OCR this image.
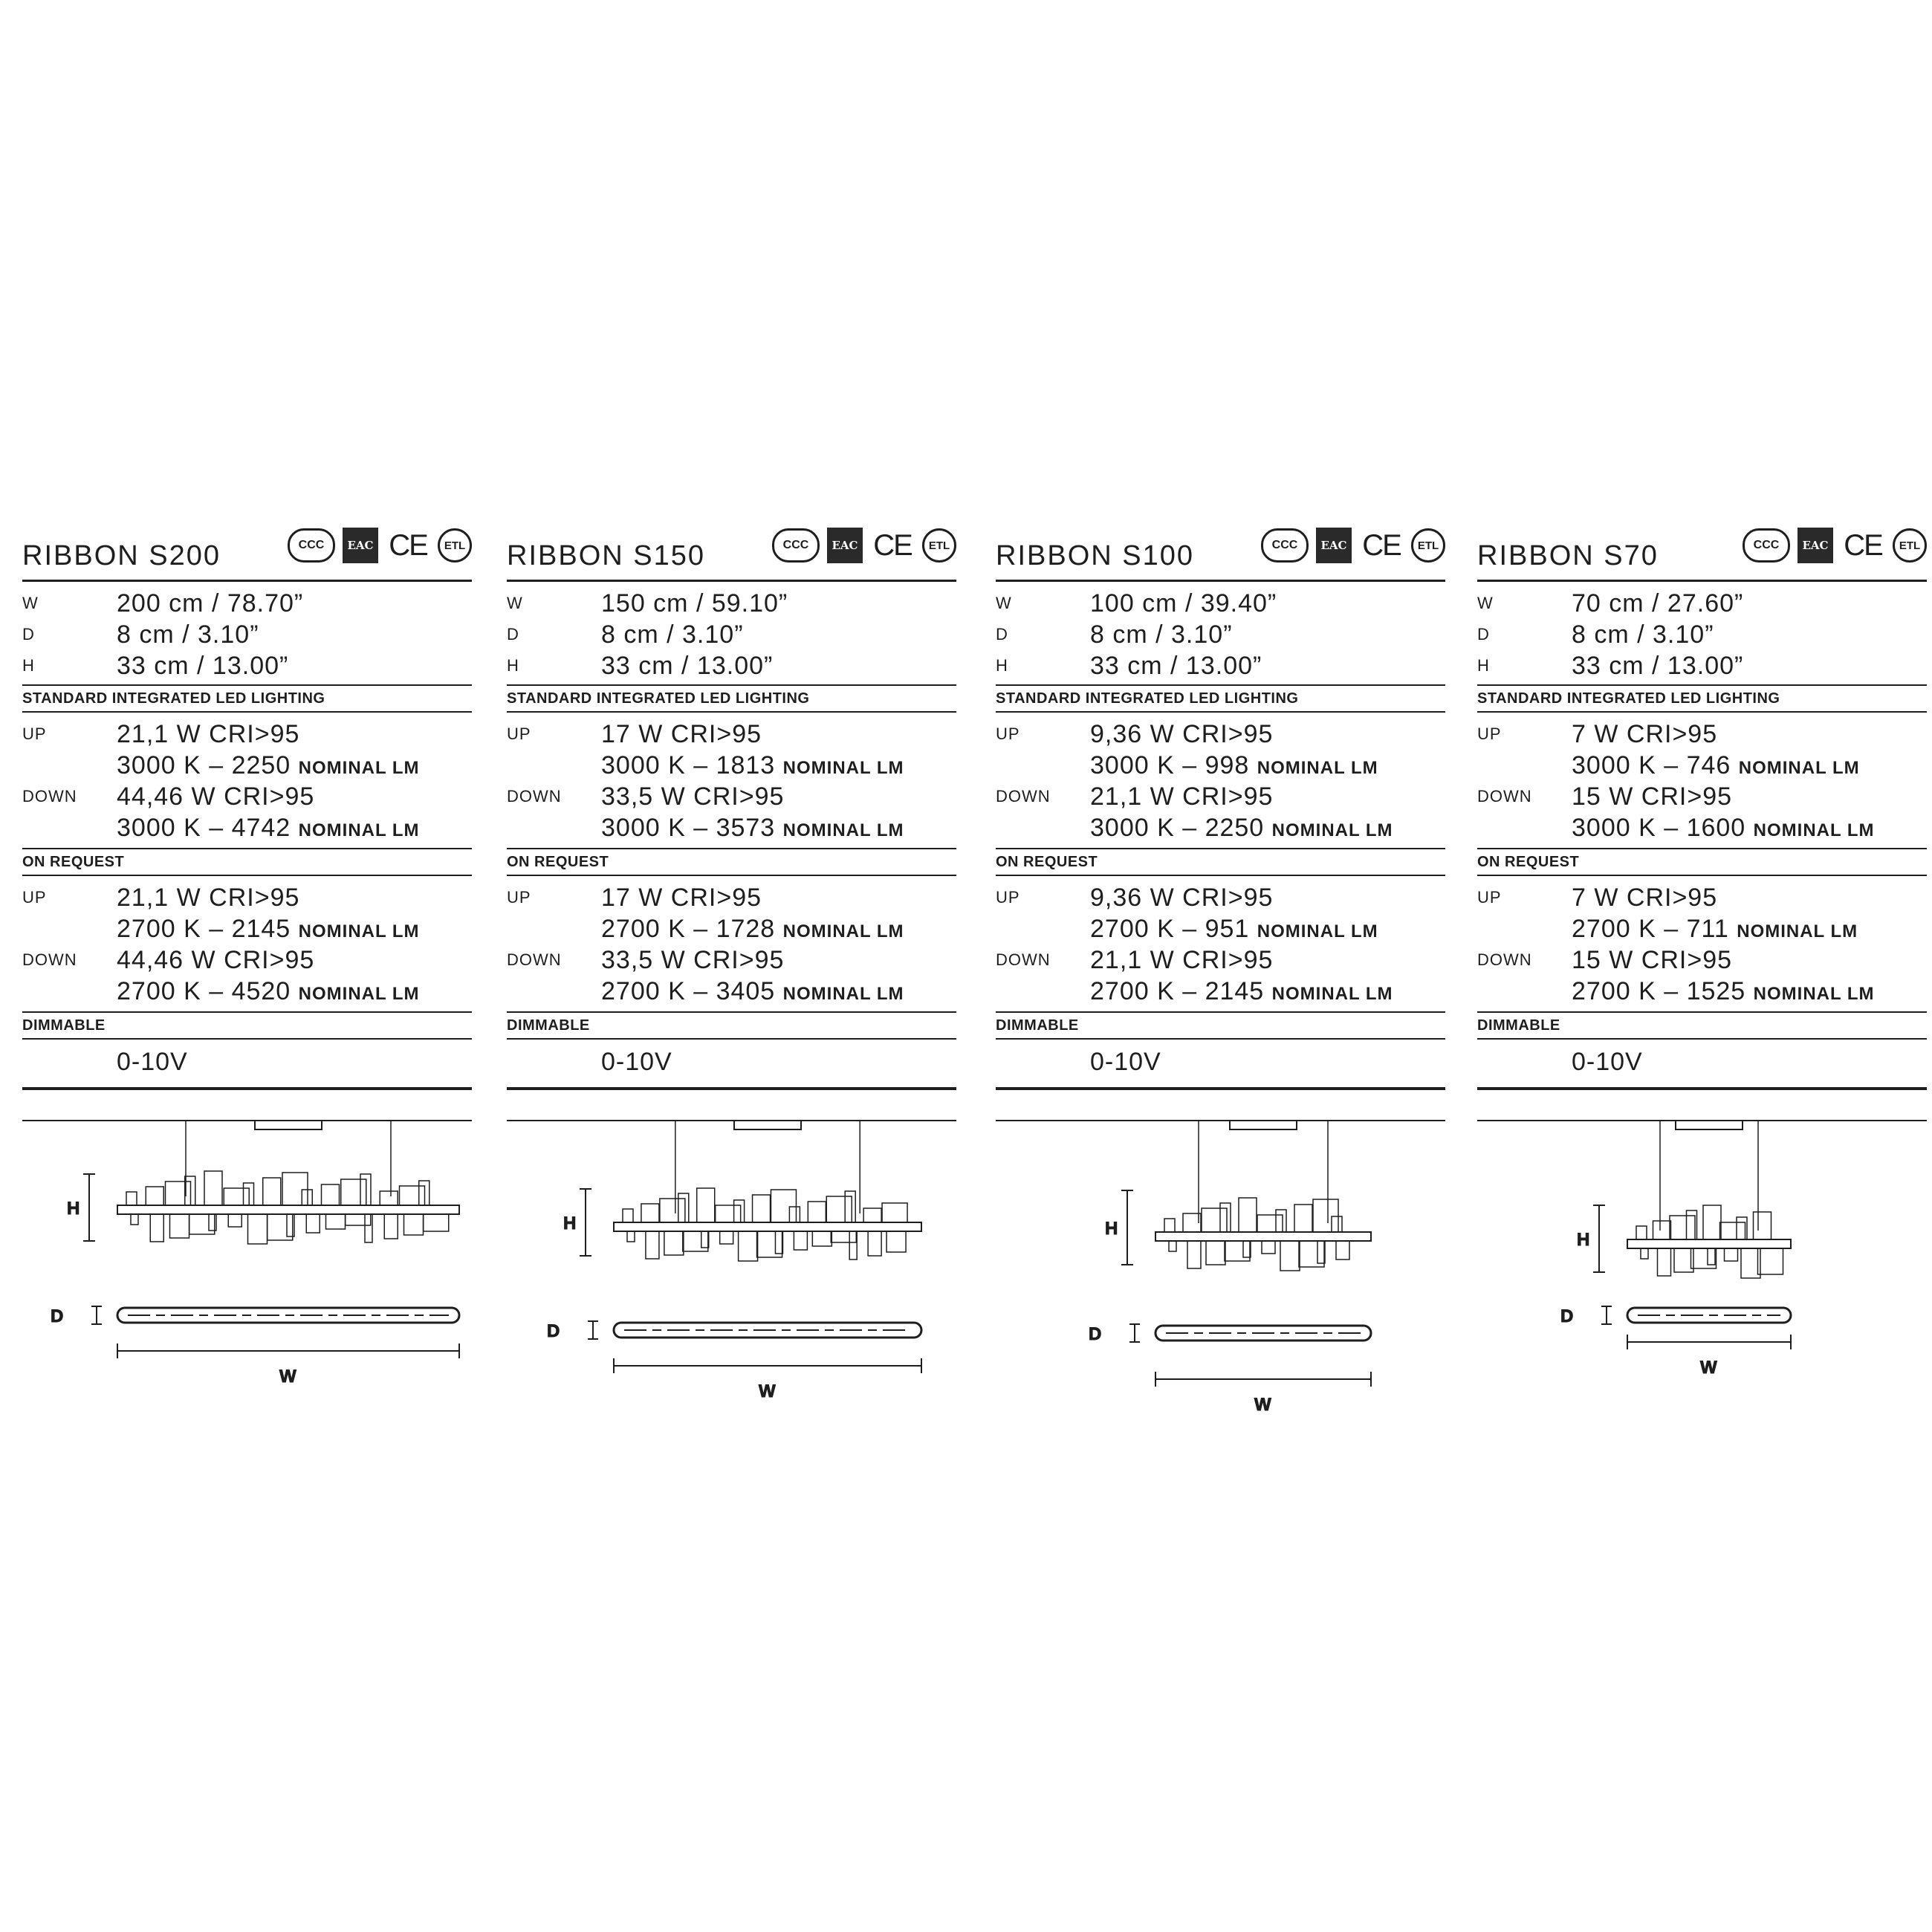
RIBBON S200	CCC	EAC CE	ETL
W	200 cm / 78.70”
D	8 cm / 3.10”
H	33 cm / 13.00”
STANDARD INTEGRATED LED LIGHTING
UP	21,1 W CRI>95
3000 K – 2250 NOMINAL LM
DOWN	44,46 W CRI>95
3000 K – 4742 NOMINAL LM
ON REQUEST
UP	21,1 W CRI>95
2700 K – 2145 NOMINAL LM
DOWN	44,46 W CRI>95
2700 K – 4520 NOMINAL LM
DIMMABLE
0-10V
RIBBON S150	CCC	EAC CE	ETL
W	150 cm / 59.10”
D	8 cm / 3.10”
H	33 cm / 13.00”
STANDARD INTEGRATED LED LIGHTING
UP	17 W CRI>95
3000 K – 1813 NOMINAL LM
DOWN	33,5 W CRI>95
3000 K – 3573 NOMINAL LM
ON REQUEST
UP	17 W CRI>95
2700 K – 1728 NOMINAL LM
DOWN	33,5 W CRI>95
2700 K – 3405 NOMINAL LM
DIMMABLE
0-10V
RIBBON S100	CCC	EAC CE	ETL
W	100 cm / 39.40”
D	8 cm / 3.10”
H	33 cm / 13.00”
STANDARD INTEGRATED LED LIGHTING
UP	9,36 W CRI>95
3000 K – 998 NOMINAL LM
DOWN	21,1 W CRI>95
3000 K – 2250 NOMINAL LM
ON REQUEST
UP	9,36 W CRI>95
2700 K – 951 NOMINAL LM
DOWN	21,1 W CRI>95
2700 K – 2145 NOMINAL LM
DIMMABLE
0-10V
RIBBON S70	CCC	EAC CE	ETL
W	70 cm / 27.60”
D	8 cm / 3.10”
H	33 cm / 13.00”
STANDARD INTEGRATED LED LIGHTING
UP	7 W CRI>95
3000 K – 746 NOMINAL LM
DOWN	15 W CRI>95
3000 K – 1600 NOMINAL LM
ON REQUEST
UP	7 W CRI>95
2700 K – 711 NOMINAL LM
DOWN	15 W CRI>95
2700 K – 1525 NOMINAL LM
DIMMABLE
0-10V
H
D
W
H
D
W
H
D
W
H
D
W
